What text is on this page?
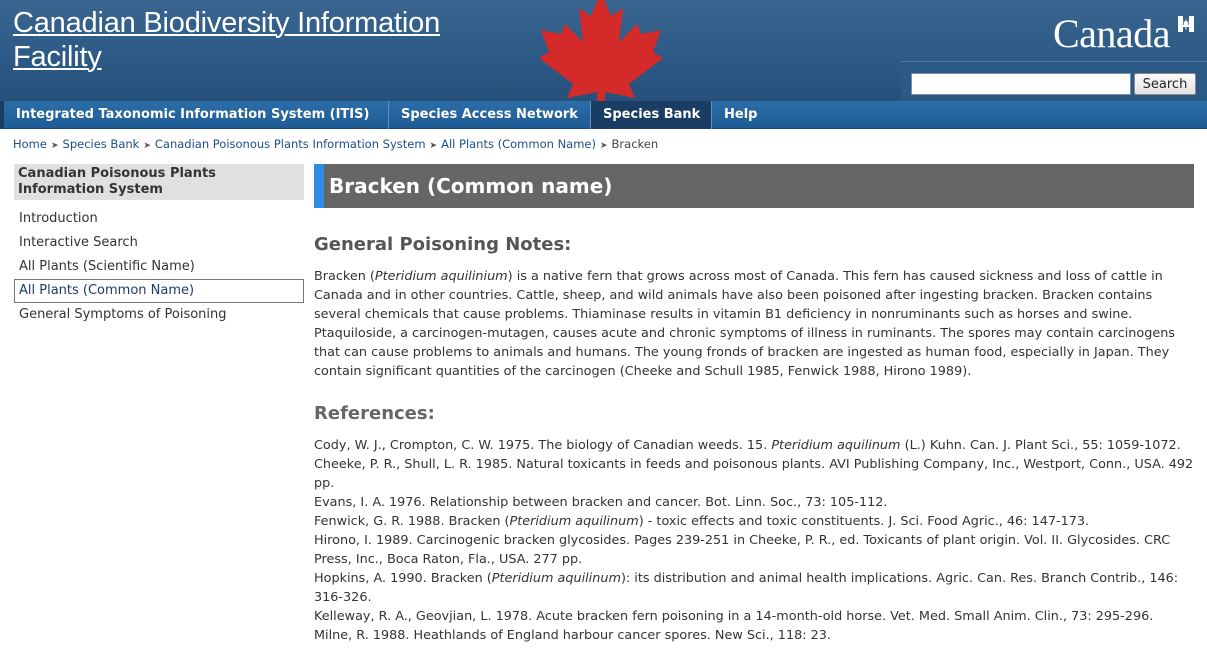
Canadian Biodiversity Information
Facility
Canada
Search
Integrated Taxonomic Information System (ITIS)	Species Access Network	Species Bank	Help
Home ➤ Species Bank ➤ Canadian Poisonous Plants Information System ➤ All Plants (Common Name) ➤ Bracken
Canadian Poisonous Plants Information System
Introduction
Interactive Search
All Plants (Scientific Name)
All Plants (Common Name)
General Symptoms of Poisoning
Bracken (Common name)
General Poisoning Notes:

Bracken (Pteridium aquilinium) is a native fern that grows across most of Canada. This fern has caused sickness and loss of cattle in Canada and in other countries. Cattle, sheep, and wild animals have also been poisoned after ingesting bracken. Bracken contains several chemicals that cause problems. Thiaminase results in vitamin B1 deficiency in nonruminants such as horses and swine. Ptaquiloside, a carcinogen-mutagen, causes acute and chronic symptoms of illness in ruminants. The spores may contain carcinogens that can cause problems to animals and humans. The young fronds of bracken are ingested as human food, especially in Japan. They contain significant quantities of the carcinogen (Cheeke and Schull 1985, Fenwick 1988, Hirono 1989).

References:

Cody, W. J., Crompton, C. W. 1975. The biology of Canadian weeds. 15. Pteridium aquilinum (L.) Kuhn. Can. J. Plant Sci., 55: 1059-1072.

Cheeke, P. R., Shull, L. R. 1985. Natural toxicants in feeds and poisonous plants. AVI Publishing Company, Inc., Westport, Conn., USA. 492 pp.

Evans, I. A. 1976. Relationship between bracken and cancer. Bot. Linn. Soc., 73: 105-112.

Fenwick, G. R. 1988. Bracken (Pteridium aquilinum) - toxic effects and toxic constituents. J. Sci. Food Agric., 46: 147-173.

Hirono, I. 1989. Carcinogenic bracken glycosides. Pages 239-251 in Cheeke, P. R., ed. Toxicants of plant origin. Vol. II. Glycosides. CRC Press, Inc., Boca Raton, Fla., USA. 277 pp.

Hopkins, A. 1990. Bracken (Pteridium aquilinum): its distribution and animal health implications. Agric. Can. Res. Branch Contrib., 146: 316-326.

Kelleway, R. A., Geovjian, L. 1978. Acute bracken fern poisoning in a 14-month-old horse. Vet. Med. Small Anim. Clin., 73: 295-296.

Milne, R. 1988. Heathlands of England harbour cancer spores. New Sci., 118: 23.
